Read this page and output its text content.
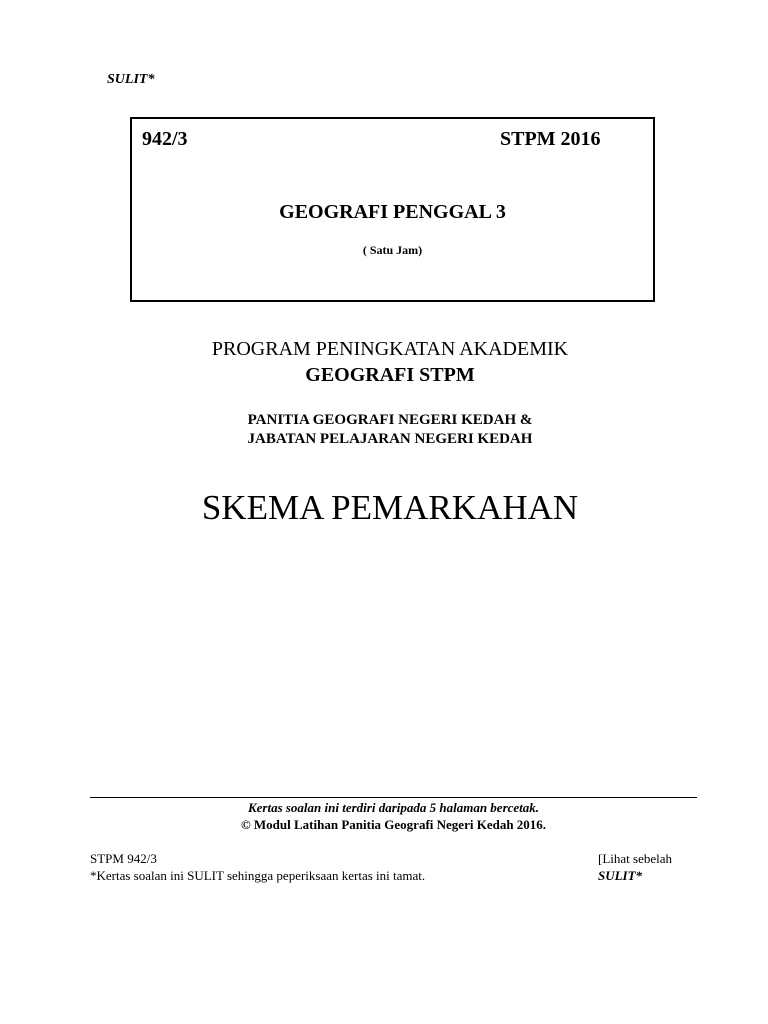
SULIT*
942/3	STPM 2016
GEOGRAFI PENGGAL 3
( Satu Jam)
PROGRAM PENINGKATAN AKADEMIK
GEOGRAFI STPM
PANITIA GEOGRAFI NEGERI KEDAH &
JABATAN PELAJARAN NEGERI KEDAH
SKEMA PEMARKAHAN
Kertas soalan ini terdiri daripada 5 halaman bercetak.
© Modul Latihan Panitia Geografi Negeri Kedah 2016.
STPM 942/3
*Kertas soalan ini SULIT sehingga peperiksaan kertas ini tamat.
[Lihat sebelah
SULIT*
